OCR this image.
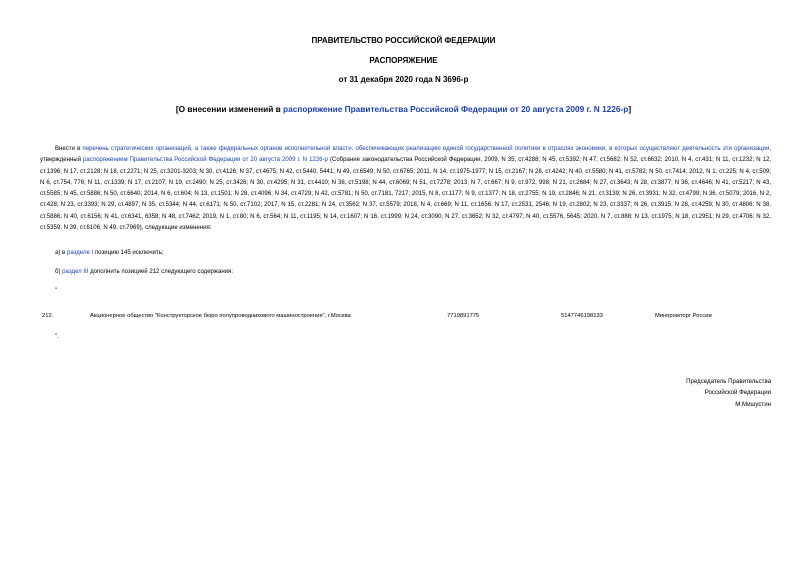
ПРАВИТЕЛЬСТВО РОССИЙСКОЙ ФЕДЕРАЦИИ
РАСПОРЯЖЕНИЕ
от 31 декабря 2020 года N 3696-р
[О внесении изменений в распоряжение Правительства Российской Федерации от 20 августа 2009 г. N 1226-р]

Внести в перечень стратегических организаций, а также федеральных органов исполнительной власти, обеспечивающих реализацию единой государственной политики в отраслях экономики, в которых осуществляют деятельность эти организации, утвержденный распоряжением Правительства Российской Федерации от 20 августа 2009 г. N 1226-р (Собрание законодательства Российской Федерации, 2009, N 35, ст.4288; N 45, ст.5392; N 47, ст.5682; N 52, ст.6632; 2010, N 4, ст.431; N 11, ст.1232; N 12, ст.1396; N 17, ст.2128; N 18, ст.2271; N 25, ст.3201-3203; N 30, ст.4126; N 37, ст.4675; N 42, ст.5440, 5441; N 49, ст.6549; N 50, ст.6765; 2011, N 14, ст.1975-1977; N 15, ст.2167; N 28, ст.4242; N 40, ст.5580; N 41, ст.5782; N 50, ст.7414; 2012, N 1, ст.225; N 4, ст.509; N 6, ст.754, 776; N 11, ст.1339; N 17, ст.2107; N 19, ст.2490; N 25, ст.3426; N 30, ст.4295; N 31, ст.4410; N 38, ст.5198; N 44, ст.6069; N 51, ст.7278; 2013, N 7, ст.667; N 9, ст.972, 998; N 21, ст.2684; N 27, ст.3643; N 28, ст.3877; N 36, ст.4646; N 41, ст.5217; N 43, ст.5585; N 45, ст.5886; N 50, ст.6640; 2014, N 6, ст.604; N 13, ст.1501; N 28, ст.4096; N 34, ст.4729; N 42, ст.5781; N 50, ст.7181, 7217; 2015, N 8, ст.1177; N 9, ст.1377; N 18, ст.2755; N 19, ст.2846; N 21, ст.3139; N 26, ст.3931; N 32, ст.4799; N 36, ст.5079; 2016, N 2, ст.428; N 23, ст.3393; N 29, ст.4897; N 35, ст.5344; N 44, ст.6171; N 50, ст.7102; 2017, N 15, ст.2281; N 24, ст.3562; N 37, ст.5579; 2018, N 4, ст.669; N 11, ст.1656; N 17, ст.2531, 2546; N 19, ст.2802; N 23, ст.3337; N 26, ст.3915; N 28, ст.4259; N 30, ст.4806; N 38, ст.5886; N 40, ст.6156; N 41, ст.6341, 6358; N 48, ст.7462; 2019, N 1, ст.80; N 6, ст.564; N 11, ст.1195; N 14, ст.1607; N 16, ст.1999; N 24, ст.3090; N 27, ст.3652; N 32, ст.4797; N 40, ст.5576, 5645; 2020, N 7, ст.888; N 13, ст.1975; N 18, ст.2951; N 29, ст.4706; N 32, ст.5359; N 39, ст.6106; N 49, ст.7969), следующие изменения:

а) в разделе I позицию 145 исключить;
б) раздел III дополнить позицией 212 следующего содержания:
"
212.	Акционерное общество "Конструкторское бюро полупроводникового машиностроения", г.Москва	7719891775	5147746198133	Минпромторг России
".
Председатель Правительства
Российской Федерации
М.Мишустин
